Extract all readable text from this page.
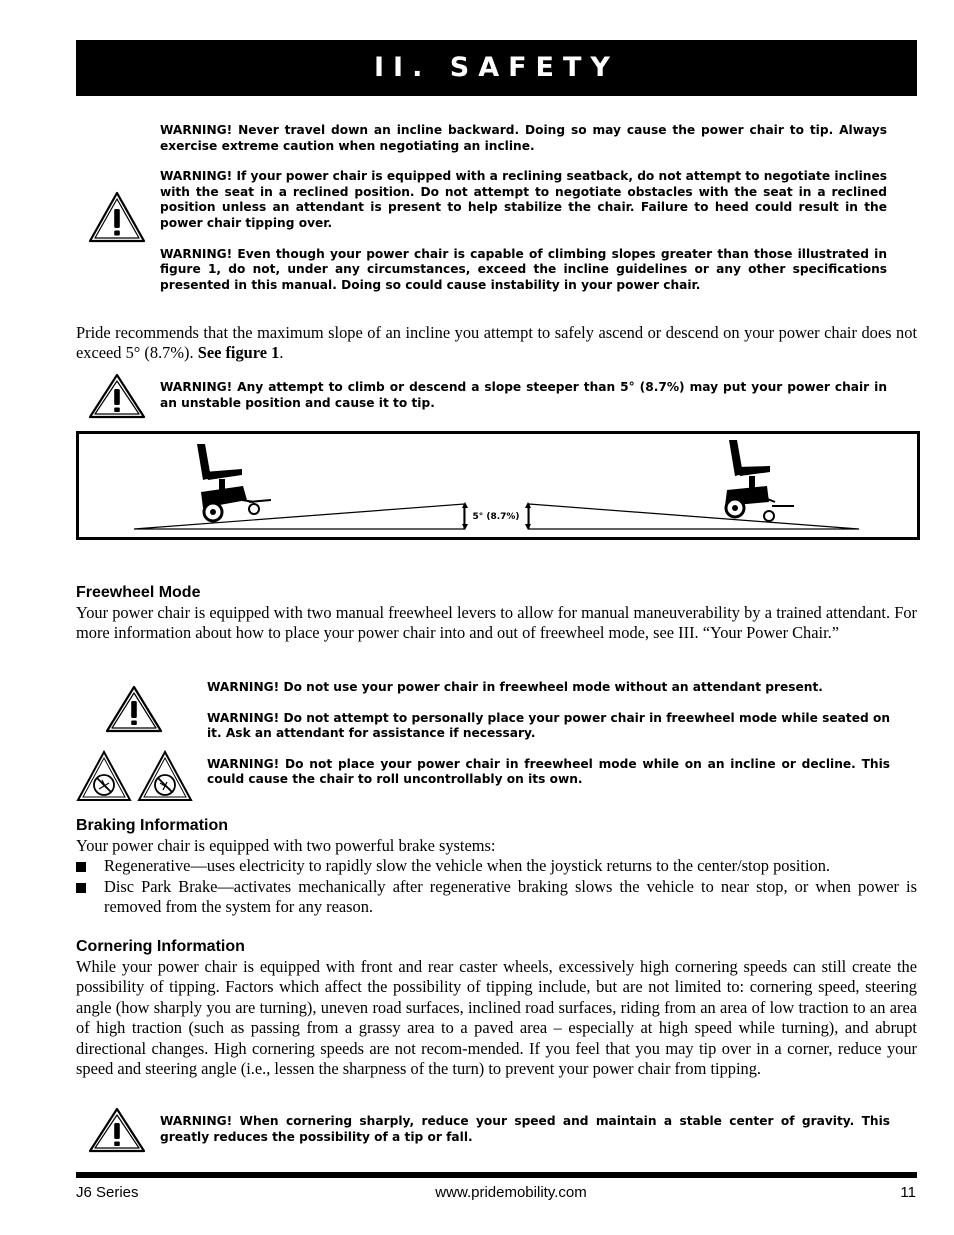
II. SAFETY

WARNING! Never travel down an incline backward. Doing so may cause the power chair to tip. Always exercise extreme caution when negotiating an incline.

WARNING! If your power chair is equipped with a reclining seatback, do not attempt to negotiate inclines with the seat in a reclined position. Do not attempt to negotiate obstacles with the seat in a reclined position unless an attendant is present to help stabilize the chair. Failure to heed could result in the power chair tipping over.

WARNING! Even though your power chair is capable of climbing slopes greater than those illustrated in figure 1, do not, under any circumstances, exceed the incline guidelines or any other specifications presented in this manual. Doing so could cause instability in your power chair.

Pride recommends that the maximum slope of an incline you attempt to safely ascend or descend on your power chair does not exceed 5° (8.7%). See figure 1.

WARNING! Any attempt to climb or descend a slope steeper than 5° (8.7%) may put your power chair in an unstable position and cause it to tip.

5° (8.7%)

Freewheel Mode

Your power chair is equipped with two manual freewheel levers to allow for manual maneuverability by a trained attendant. For more information about how to place your power chair into and out of freewheel mode, see III. “Your Power Chair.”

WARNING! Do not use your power chair in freewheel mode without an attendant present.

WARNING! Do not attempt to personally place your power chair in freewheel mode while seated on it. Ask an attendant for assistance if necessary.

WARNING! Do not place your power chair in freewheel mode while on an incline or decline. This could cause the chair to roll uncontrollably on its own.

Braking Information

Your power chair is equipped with two powerful brake systems:

Regenerative—uses electricity to rapidly slow the vehicle when the joystick returns to the center/stop position.

Disc Park Brake—activates mechanically after regenerative braking slows the vehicle to near stop, or when power is removed from the system for any reason.

Cornering Information

While your power chair is equipped with front and rear caster wheels, excessively high cornering speeds can still create the possibility of tipping. Factors which affect the possibility of tipping include, but are not limited to: cornering speed, steering angle (how sharply you are turning), uneven road surfaces, inclined road surfaces, riding from an area of low traction to an area of high traction (such as passing from a grassy area to a paved area – especially at high speed while turning), and abrupt directional changes. High cornering speeds are not recom-mended. If you feel that you may tip over in a corner, reduce your speed and steering angle (i.e., lessen the sharpness of the turn) to prevent your power chair from tipping.

WARNING! When cornering sharply, reduce your speed and maintain a stable center of gravity. This greatly reduces the possibility of a tip or fall.

J6 Series	www.pridemobility.com	11
